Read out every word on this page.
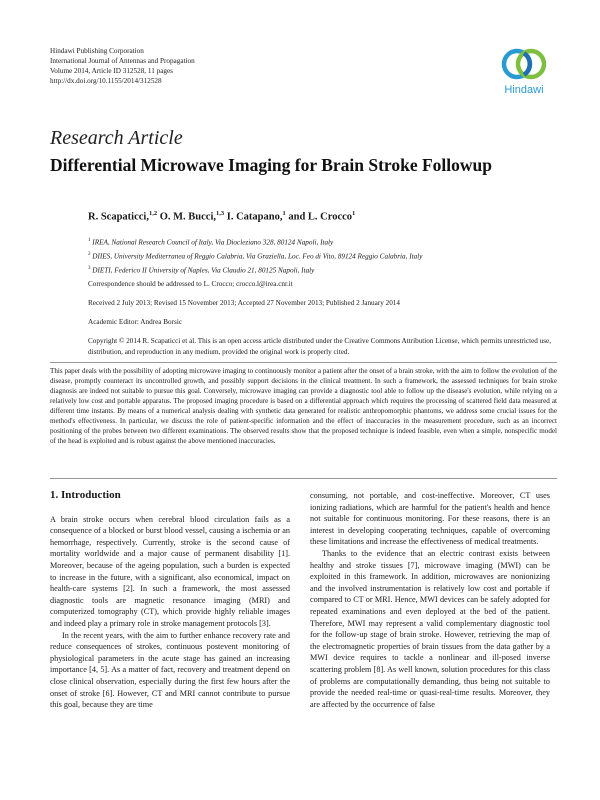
Hindawi Publishing Corporation
International Journal of Antennas and Propagation
Volume 2014, Article ID 312528, 11 pages
http://dx.doi.org/10.1155/2014/312528
Hindawi
Research Article
Differential Microwave Imaging for Brain Stroke Followup
R. Scapaticci,$^{1,2}$ O. M. Bucci,$^{1,3}$ I. Catapano,$^1$ and L. Crocco$^1$
$^1$ IREA, National Research Council of Italy, Via Diocleziano 328, 80124 Napoli, Italy
$^2$ DIIES, University Mediterranea of Reggio Calabria, Via Graziella, Loc. Feo di Vito, 89124 Reggio Calabria, Italy
$^3$ DIETI, Federico II University of Naples, Via Claudio 21, 80125 Napoli, Italy
Correspondence should be addressed to L. Crocco; crocco.l@irea.cnr.it
Received 2 July 2013; Revised 15 November 2013; Accepted 27 November 2013; Published 2 January 2014
Academic Editor: Andrea Borsic
Copyright © 2014 R. Scapaticci et al. This is an open access article distributed under the Creative Commons Attribution License, which permits unrestricted use, distribution, and reproduction in any medium, provided the original work is properly cited.
This paper deals with the possibility of adopting microwave imaging to continuously monitor a patient after the onset of a brain stroke, with the aim to follow the evolution of the disease, promptly counteract its uncontrolled growth, and possibly support decisions in the clinical treatment. In such a framework, the assessed techniques for brain stroke diagnosis are indeed not suitable to pursue this goal. Conversely, microwave imaging can provide a diagnostic tool able to follow up the disease's evolution, while relying on a relatively low cost and portable apparatus. The proposed imaging procedure is based on a differential approach which requires the processing of scattered field data measured at different time instants. By means of a numerical analysis dealing with synthetic data generated for realistic anthropomorphic phantoms, we address some crucial issues for the method's effectiveness. In particular, we discuss the role of patient-specific information and the effect of inaccuracies in the measurement procedure, such as an incorrect positioning of the probes between two different examinations. The observed results show that the proposed technique is indeed feasible, even when a simple, nonspecific model of the head is exploited and is robust against the above mentioned inaccuracies.
1. Introduction

A brain stroke occurs when cerebral blood circulation fails as a consequence of a blocked or burst blood vessel, causing a ischemia or an hemorrhage, respectively. Currently, stroke is the second cause of mortality worldwide and a major cause of permanent disability [1]. Moreover, because of the ageing population, such a burden is expected to increase in the future, with a significant, also economical, impact on health-care systems [2]. In such a framework, the most assessed diagnostic tools are magnetic resonance imaging (MRI) and computerized tomography (CT), which provide highly reliable images and indeed play a primary role in stroke management protocols [3].

In the recent years, with the aim to further enhance recovery rate and reduce consequences of strokes, continuous postevent monitoring of physiological parameters in the acute stage has gained an increasing importance [4, 5]. As a matter of fact, recovery and treatment depend on close clinical observation, especially during the first few hours after the onset of stroke [6]. However, CT and MRI cannot contribute to pursue this goal, because they are time

consuming, not portable, and cost-ineffective. Moreover, CT uses ionizing radiations, which are harmful for the patient's health and hence not suitable for continuous monitoring. For these reasons, there is an interest in developing cooperating techniques, capable of overcoming these limitations and increase the effectiveness of medical treatments.

Thanks to the evidence that an electric contrast exists between healthy and stroke tissues [7], microwave imaging (MWI) can be exploited in this framework. In addition, microwaves are nonionizing and the involved instrumentation is relatively low cost and portable if compared to CT or MRI. Hence, MWI devices can be safely adopted for repeated examinations and even deployed at the bed of the patient. Therefore, MWI may represent a valid complementary diagnostic tool for the follow-up stage of brain stroke. However, retrieving the map of the electromagnetic properties of brain tissues from the data gather by a MWI device requires to tackle a nonlinear and ill-posed inverse scattering problem [8]. As well known, solution procedures for this class of problems are computationally demanding, thus being not suitable to provide the needed real-time or quasi-real-time results. Moreover, they are affected by the occurrence of false
